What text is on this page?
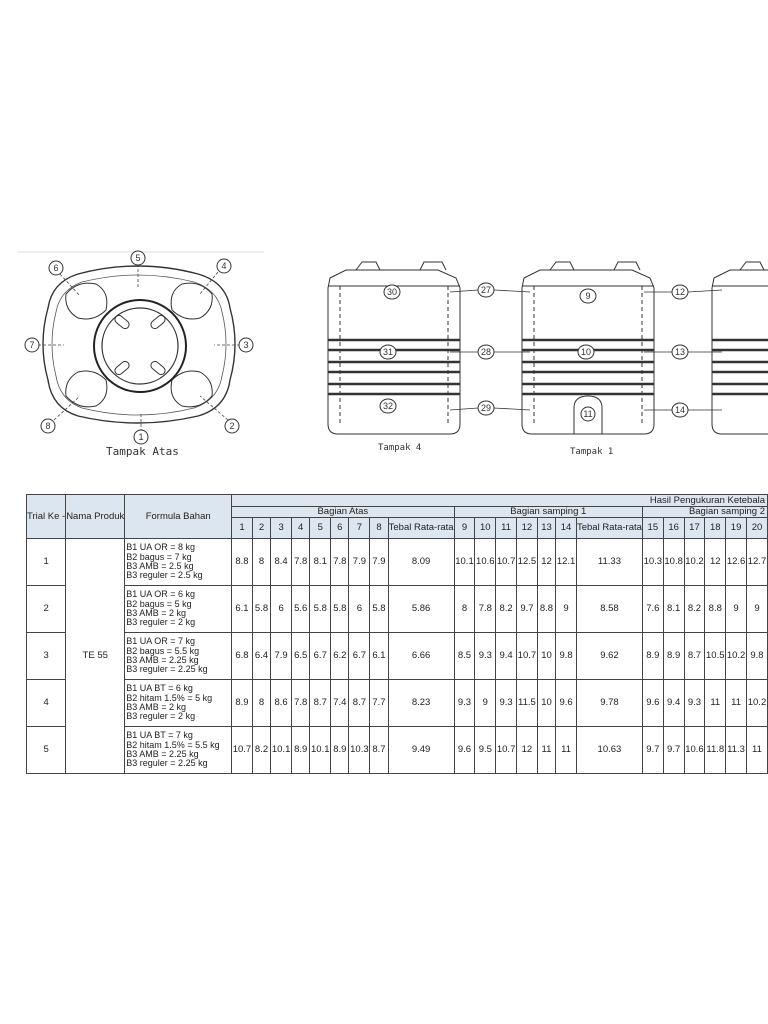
5
6	4
7	3
8	2
1
Tampak Atas
30
31
32
27
28
29
9
10
11
12
13
14
Tampak 4	Tampak 1
Trial Ke -	Nama Produk	Formula Bahan	Hasil Pengukuran Ketebala																					
			Bagian Atas									Bagian samping 1							Bagian samping 2					
			1	2	3	4	5	6	7	8	Tebal Rata-rata	9	10	11	12	13	14	Tebal Rata-rata	15	16	17	18	19	20
1	TE 55	B1 UA OR = 8 kg
B2 bagus = 7 kg
B3 AMB = 2.5 kg
B3 reguler = 2.5 kg	8.8	8	8.4	7.8	8.1	7.8	7.9	7.9	8.09	10.1	10.6	10.7	12.5	12	12.1	11.33	10.3	10.8	10.2	12	12.6	12.7
2		B1 UA OR = 6 kg
B2 bagus = 5 kg
B3 AMB = 2 kg
B3 reguler = 2 kg	6.1	5.8	6	5.6	5.8	5.8	6	5.8	5.86	8	7.8	8.2	9.7	8.8	9	8.58	7.6	8.1	8.2	8.8	9	9
3		B1 UA OR = 7 kg
B2 bagus = 5.5 kg
B3 AMB = 2.25 kg
B3 reguler = 2.25 kg	6.8	6.4	7.9	6.5	6.7	6.2	6.7	6.1	6.66	8.5	9.3	9.4	10.7	10	9.8	9.62	8.9	8.9	8.7	10.5	10.2	9.8
4		B1 UA BT = 6 kg
B2 hitam 1.5% = 5 kg
B3 AMB = 2 kg
B3 reguler = 2 kg	8.9	8	8.6	7.8	8.7	7.4	8.7	7.7	8.23	9.3	9	9.3	11.5	10	9.6	9.78	9.6	9.4	9.3	11	11	10.2
5		B1 UA BT = 7 kg
B2 hitam 1.5% = 5.5 kg
B3 AMB = 2.25 kg
B3 reguler = 2.25 kg	10.7	8.2	10.1	8.9	10.1	8.9	10.3	8.7	9.49	9.6	9.5	10.7	12	11	11	10.63	9.7	9.7	10.6	11.8	11.3	11
